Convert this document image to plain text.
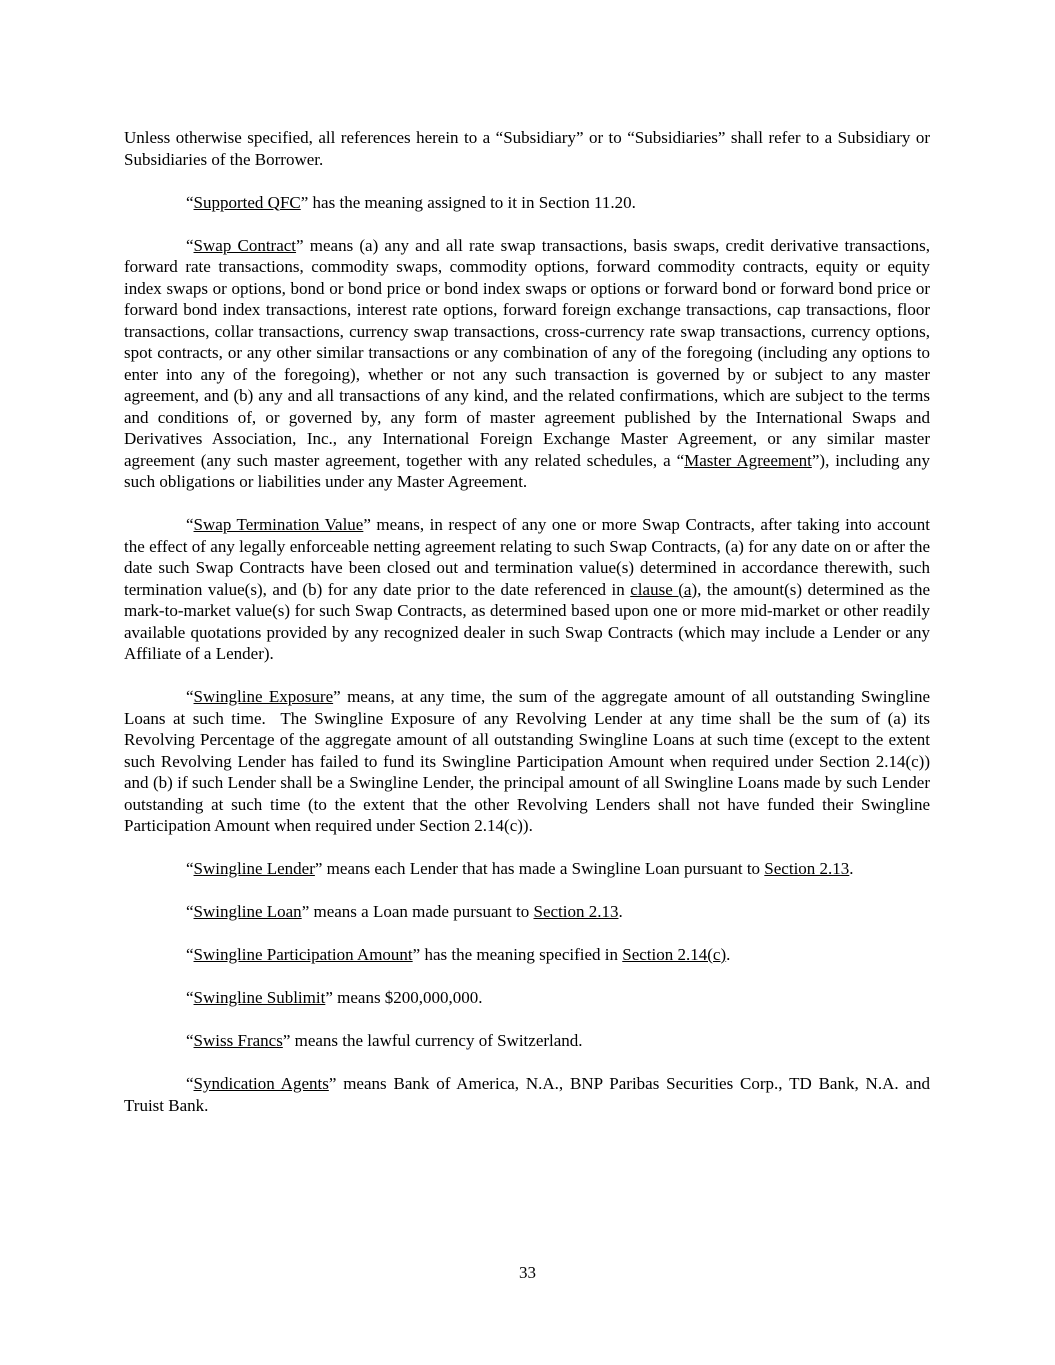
Unless otherwise specified, all references herein to a “Subsidiary” or to “Subsidiaries” shall refer to a Subsidiary or Subsidiaries of the Borrower.

“Supported QFC” has the meaning assigned to it in Section 11.20.

“Swap Contract” means (a) any and all rate swap transactions, basis swaps, credit derivative transactions, forward rate transactions, commodity swaps, commodity options, forward commodity contracts, equity or equity index swaps or options, bond or bond price or bond index swaps or options or forward bond or forward bond price or forward bond index transactions, interest rate options, forward foreign exchange transactions, cap transactions, floor transactions, collar transactions, currency swap transactions, cross-currency rate swap transactions, currency options, spot contracts, or any other similar transactions or any combination of any of the foregoing (including any options to enter into any of the foregoing), whether or not any such transaction is governed by or subject to any master agreement, and (b) any and all transactions of any kind, and the related confirmations, which are subject to the terms and conditions of, or governed by, any form of master agreement published by the International Swaps and Derivatives Association, Inc., any International Foreign Exchange Master Agreement, or any similar master agreement (any such master agreement, together with any related schedules, a “Master Agreement”), including any such obligations or liabilities under any Master Agreement.

“Swap Termination Value” means, in respect of any one or more Swap Contracts, after taking into account the effect of any legally enforceable netting agreement relating to such Swap Contracts, (a) for any date on or after the date such Swap Contracts have been closed out and termination value(s) determined in accordance therewith, such termination value(s), and (b) for any date prior to the date referenced in clause (a), the amount(s) determined as the mark-to-market value(s) for such Swap Contracts, as determined based upon one or more mid-market or other readily available quotations provided by any recognized dealer in such Swap Contracts (which may include a Lender or any Affiliate of a Lender).

“Swingline Exposure” means, at any time, the sum of the aggregate amount of all outstanding Swingline Loans at such time.  The Swingline Exposure of any Revolving Lender at any time shall be the sum of (a) its Revolving Percentage of the aggregate amount of all outstanding Swingline Loans at such time (except to the extent such Revolving Lender has failed to fund its Swingline Participation Amount when required under Section 2.14(c)) and (b) if such Lender shall be a Swingline Lender, the principal amount of all Swingline Loans made by such Lender outstanding at such time (to the extent that the other Revolving Lenders shall not have funded their Swingline Participation Amount when required under Section 2.14(c)).

“Swingline Lender” means each Lender that has made a Swingline Loan pursuant to Section 2.13.

“Swingline Loan” means a Loan made pursuant to Section 2.13.

“Swingline Participation Amount” has the meaning specified in Section 2.14(c).

“Swingline Sublimit” means $200,000,000.

“Swiss Francs” means the lawful currency of Switzerland.

“Syndication Agents” means Bank of America, N.A., BNP Paribas Securities Corp., TD Bank, N.A. and Truist Bank.

33
